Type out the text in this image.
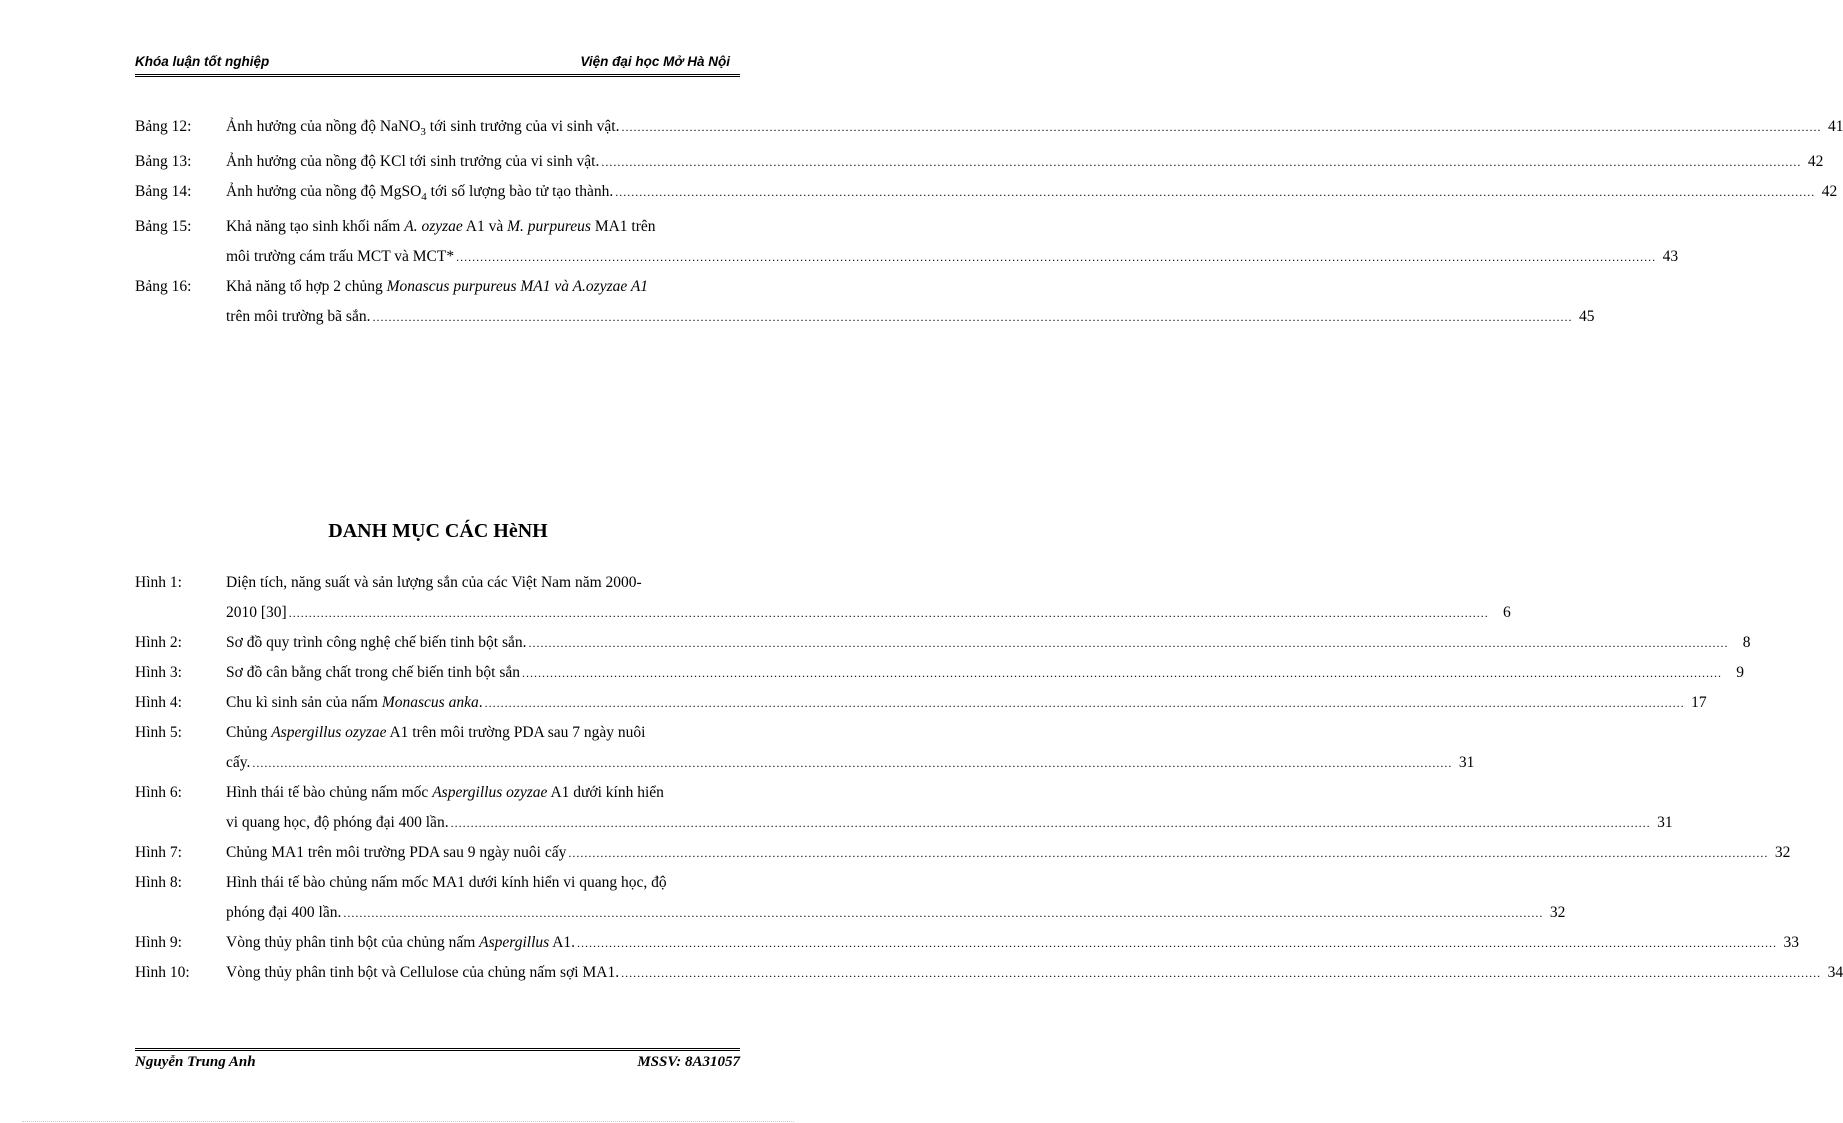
Khóa luận tốt nghiệp	Viện đại học Mở Hà Nội
Bảng 12: Ảnh hưởng của nồng độ NaNO$_3$ tới sinh trưởng của vi sinh vật. ............................................................................................................................................................................................................................................................................................................ 41
Bảng 13: Ảnh hưởng của nồng độ KCl tới sinh trưởng của vi sinh vật. ............................................................................................................................................................................................................................................................................................................ 42
Bảng 14: Ảnh hưởng của nồng độ MgSO$_4$ tới số lượng bào tử tạo thành. ............................................................................................................................................................................................................................................................................................................ 42
Bảng 15: Khả năng tạo sinh khối nấm A. ozyzae A1 và M. purpureus MA1 trên
môi trường cám trấu MCT và MCT* ............................................................................................................................................................................................................................................................................................................ 43
Bảng 16: Khả năng tổ hợp 2 chủng Monascus purpureus MA1 và A.ozyzae A1
trên môi trường bã sắn. ............................................................................................................................................................................................................................................................................................................ 45
DANH MỤC CÁC HèNH
Hình 1:	Diện tích, năng suất và sản lượng sắn của các Việt Nam năm 2000-
2010 [30] ............................................................................................................................................................................................................................................................................................................ 6
Hình 2:	Sơ đồ quy trình công nghệ chế biến tinh bột sắn. ............................................................................................................................................................................................................................................................................................................ 8
Hình 3:	Sơ đồ cân bằng chất trong chế biến tinh bột sắn ............................................................................................................................................................................................................................................................................................................ 9
Hình 4:	Chu kì sinh sản của nấm Monascus anka. ............................................................................................................................................................................................................................................................................................................ 17
Hình 5:	Chủng Aspergillus ozyzae A1 trên môi trường PDA sau 7 ngày nuôi
cấy. ............................................................................................................................................................................................................................................................................................................ 31
Hình 6:	Hình thái tế bào chủng nấm mốc Aspergillus ozyzae A1 dưới kính hiển
vi quang học, độ phóng đại 400 lần. ............................................................................................................................................................................................................................................................................................................ 31
Hình 7:	Chủng MA1 trên môi trường PDA sau 9 ngày nuôi cấy ............................................................................................................................................................................................................................................................................................................ 32
Hình 8:	Hình thái tế bào chủng nấm mốc MA1 dưới kính hiển vi quang học, độ
phóng đại 400 lần. ............................................................................................................................................................................................................................................................................................................ 32
Hình 9:	Vòng thủy phân tinh bột của chủng nấm Aspergillus A1. ............................................................................................................................................................................................................................................................................................................ 33
Hình 10: Vòng thủy phân tinh bột và Cellulose của chủng nấm sợi MA1. ............................................................................................................................................................................................................................................................................................................ 34
Nguyễn Trung Anh	MSSV: 8A31057
